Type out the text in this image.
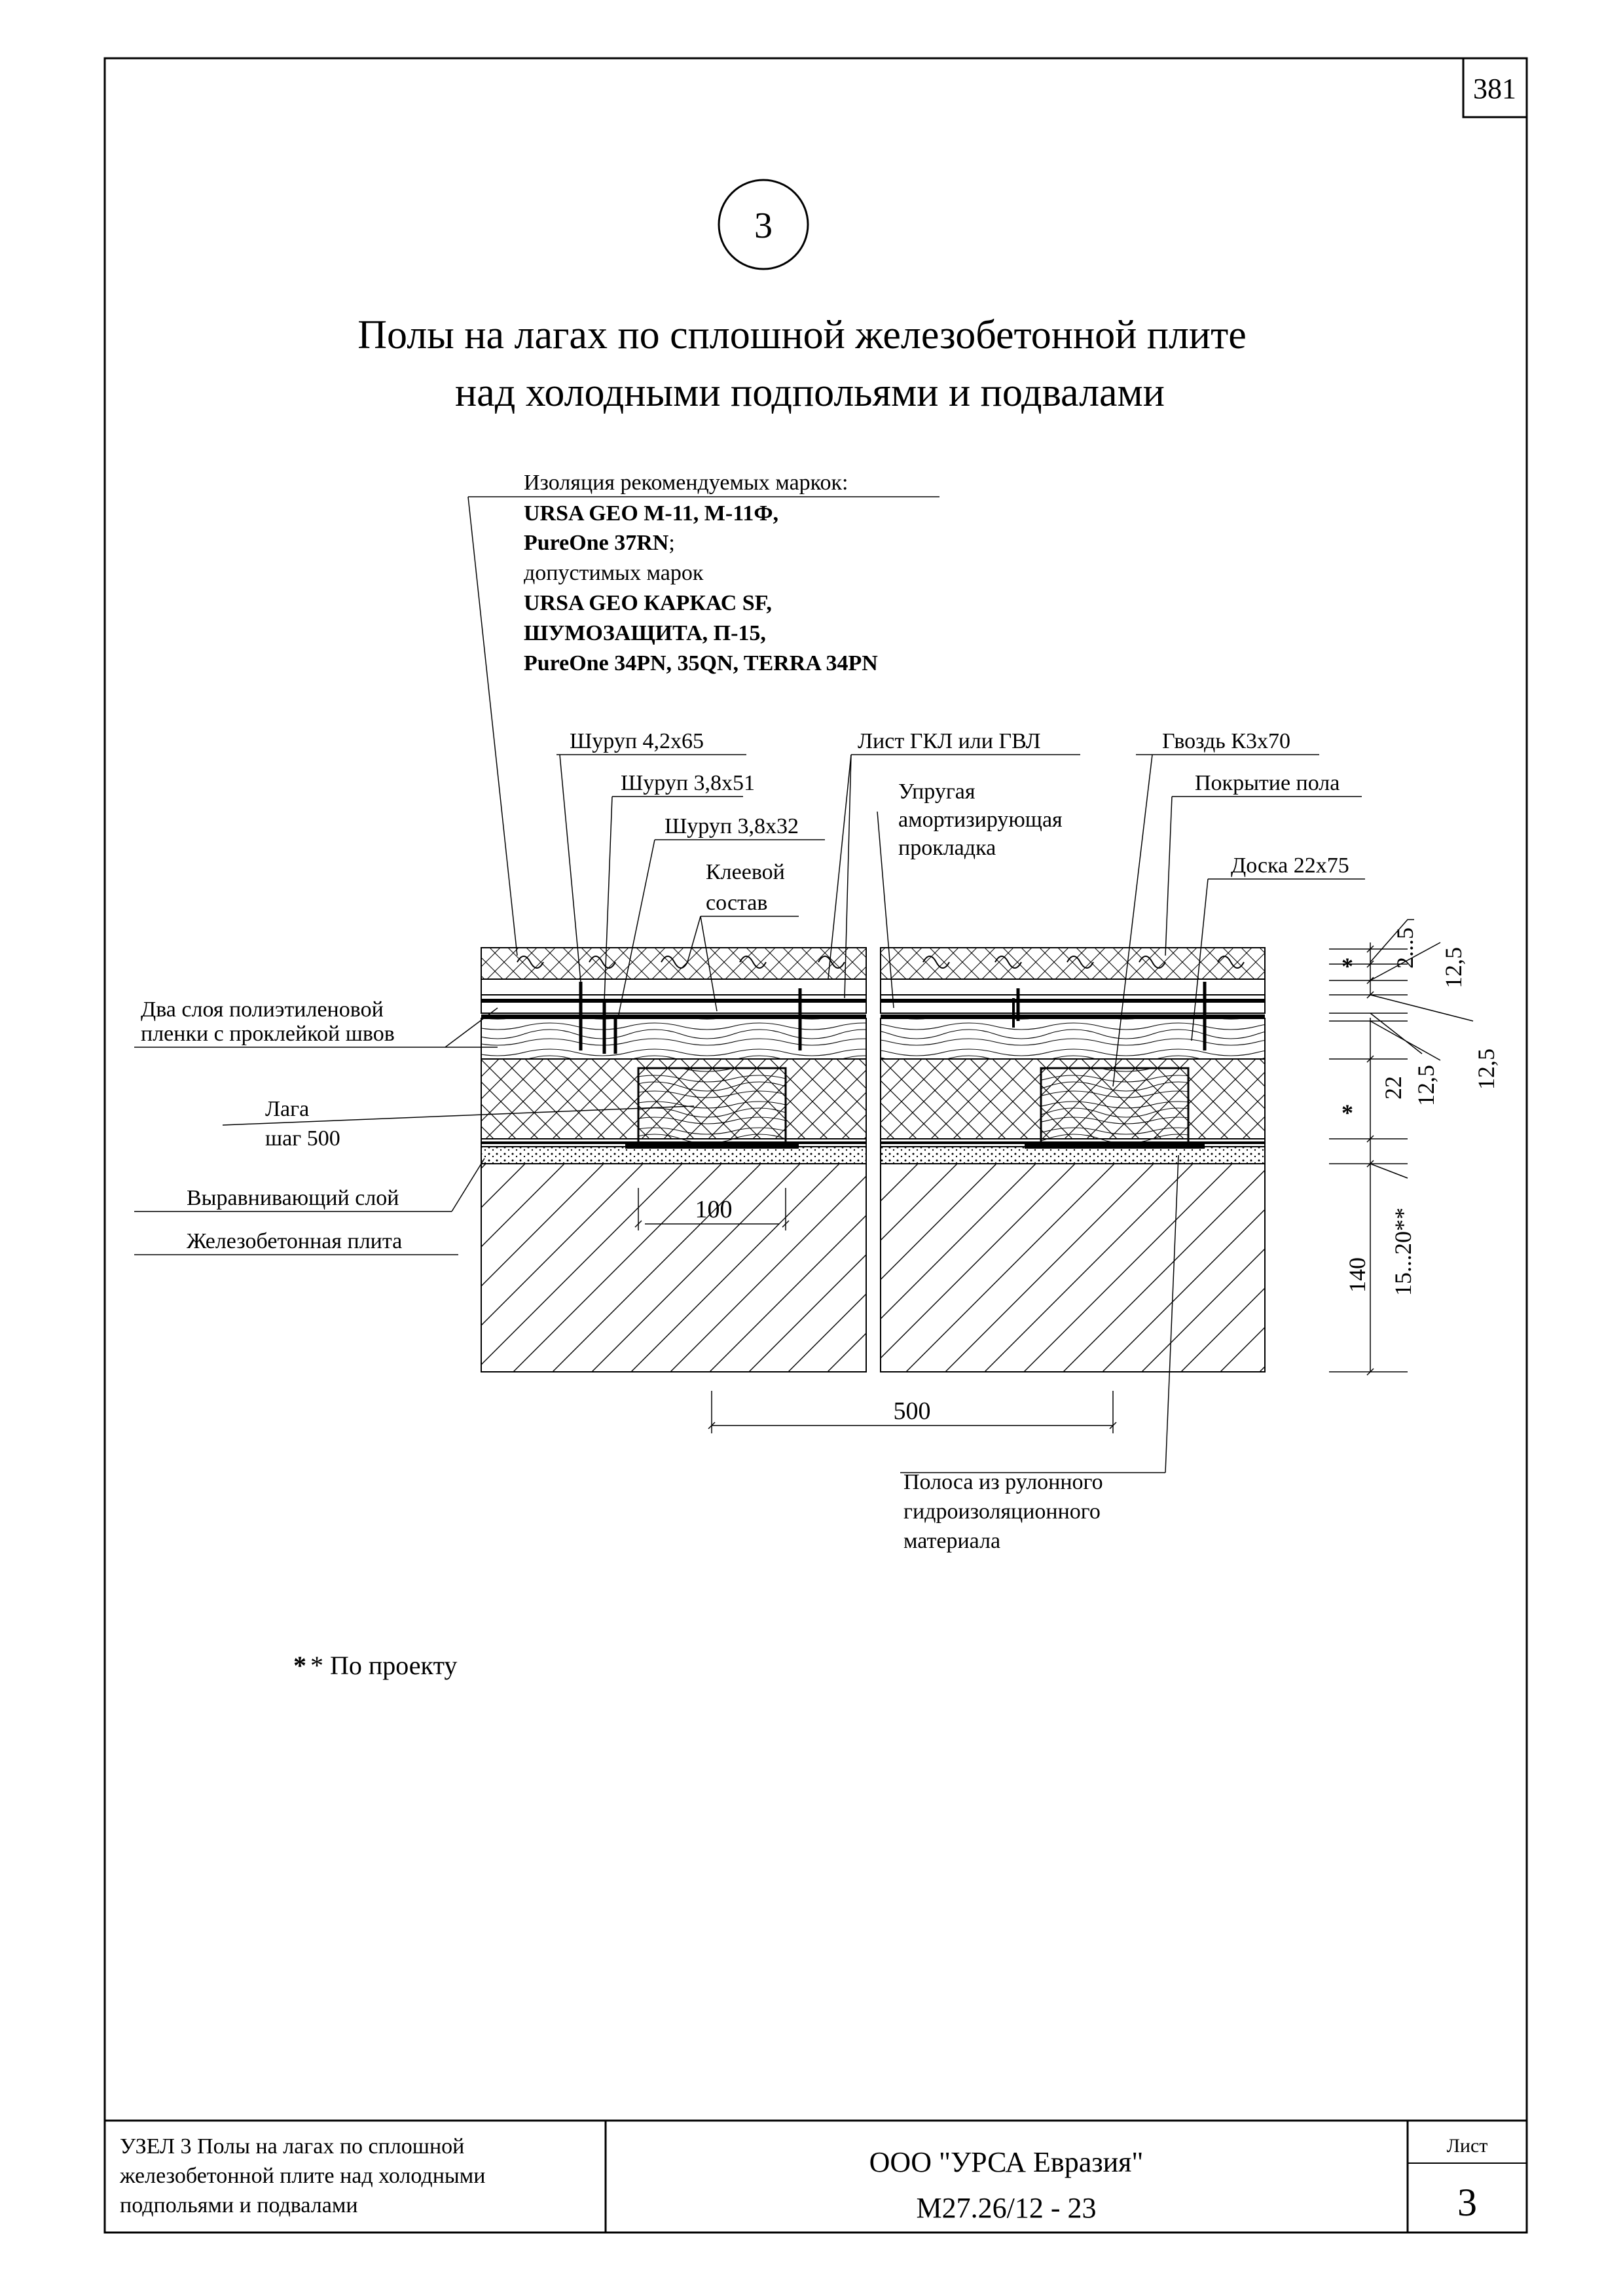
381
3
Полы на лагах по сплошной железобетонной плите
над холодными подпольями и подвалами
Изоляция рекомендуемых маркок:
URSA GEO M-11, M-11Ф,
PureOne 37RN;
допустимых марок
URSA GEO КАРКАС SF,
ШУМОЗАЩИТА, П-15,
PureOne 34PN, 35QN, TERRA 34PN
Шуруп 4,2х65
Шуруп 3,8х51
Шуруп 3,8х32
Клеевой
состав
Лист ГКЛ или ГВЛ
Упругая
амортизирующая
прокладка
Гвоздь К3х70
Покрытие пола
Доска 22х75
Два слоя полиэтиленовой
пленки с проклейкой швов
Лага
шаг 500
Выравнивающий слой
Железобетонная плита
Полоса из рулонного
гидроизоляционного
материала
100
500
*
*
2...5 12,5
22 12,5 12,5
140 15...20**
* * По проекту
УЗЕЛ 3 Полы на лагах по сплошной
железобетонной плите над холодными
подпольями и подвалами
ООО "УРСА Евразия"
М27.26/12 - 23
Лист
3
